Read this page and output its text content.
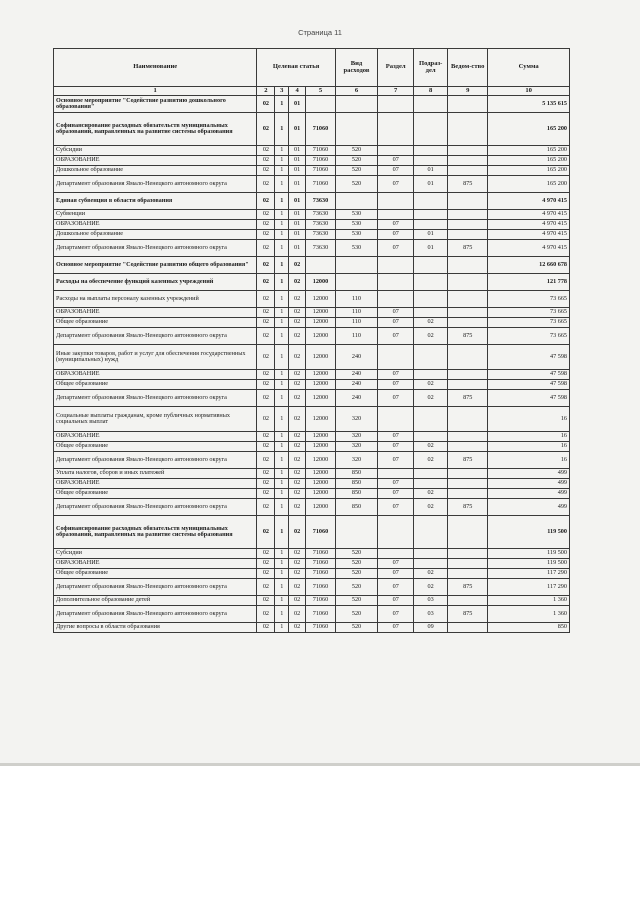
Страница 11
Наименование	Целевая статья				Вид расходов	Раздел	Подраз-дел	Ведом-ство	Сумма
1	2	3	4	5	6	7	8	9	10
Основное мероприятие "Содействие развитию дошкольного образования"	02	1	01						5 135 615
Софинансирование расходных обязательств муниципальных образований, направленных на развитие системы образования	02	1	01	71060					165 200
Субсидии	02	1	01	71060	520				165 200
ОБРАЗОВАНИЕ	02	1	01	71060	520	07			165 200
Дошкольное образование	02	1	01	71060	520	07	01		165 200
Департамент образования Ямало-Ненецкого автономного округа	02	1	01	71060	520	07	01	875	165 200
Единая субвенция в области образования	02	1	01	73630					4 970 415
Субвенции	02	1	01	73630	530				4 970 415
ОБРАЗОВАНИЕ	02	1	01	73630	530	07			4 970 415
Дошкольное образование	02	1	01	73630	530	07	01		4 970 415
Департамент образования Ямало-Ненецкого автономного округа	02	1	01	73630	530	07	01	875	4 970 415
Основное мероприятие "Содействие развитию общего образования"	02	1	02						12 660 678
Расходы на обеспечение функций казенных учреждений	02	1	02	12000					121 778
Расходы на выплаты персоналу казенных учреждений	02	1	02	12000	110				73 665
ОБРАЗОВАНИЕ	02	1	02	12000	110	07			73 665
Общее образование	02	1	02	12000	110	07	02		73 665
Департамент образования Ямало-Ненецкого автономного округа	02	1	02	12000	110	07	02	875	73 665
Иные закупки товаров, работ и услуг для обеспечения государственных (муниципальных) нужд	02	1	02	12000	240				47 598
ОБРАЗОВАНИЕ	02	1	02	12000	240	07			47 598
Общее образование	02	1	02	12000	240	07	02		47 598
Департамент образования Ямало-Ненецкого автономного округа	02	1	02	12000	240	07	02	875	47 598
Социальные выплаты гражданам, кроме публичных нормативных социальных выплат	02	1	02	12000	320				16
ОБРАЗОВАНИЕ	02	1	02	12000	320	07			16
Общее образование	02	1	02	12000	320	07	02		16
Департамент образования Ямало-Ненецкого автономного округа	02	1	02	12000	320	07	02	875	16
Уплата налогов, сборов и иных платежей	02	1	02	12000	850				499
ОБРАЗОВАНИЕ	02	1	02	12000	850	07			499
Общее образование	02	1	02	12000	850	07	02		499
Департамент образования Ямало-Ненецкого автономного округа	02	1	02	12000	850	07	02	875	499
Софинансирование расходных обязательств муниципальных образований, направленных на развитие системы образования	02	1	02	71060					119 500
Субсидии	02	1	02	71060	520				119 500
ОБРАЗОВАНИЕ	02	1	02	71060	520	07			119 500
Общее образование	02	1	02	71060	520	07	02		117 290
Департамент образования Ямало-Ненецкого автономного округа	02	1	02	71060	520	07	02	875	117 290
Дополнительное образование детей	02	1	02	71060	520	07	03		1 360
Департамент образования Ямало-Ненецкого автономного округа	02	1	02	71060	520	07	03	875	1 360
Другие вопросы в области образования	02	1	02	71060	520	07	09		850
